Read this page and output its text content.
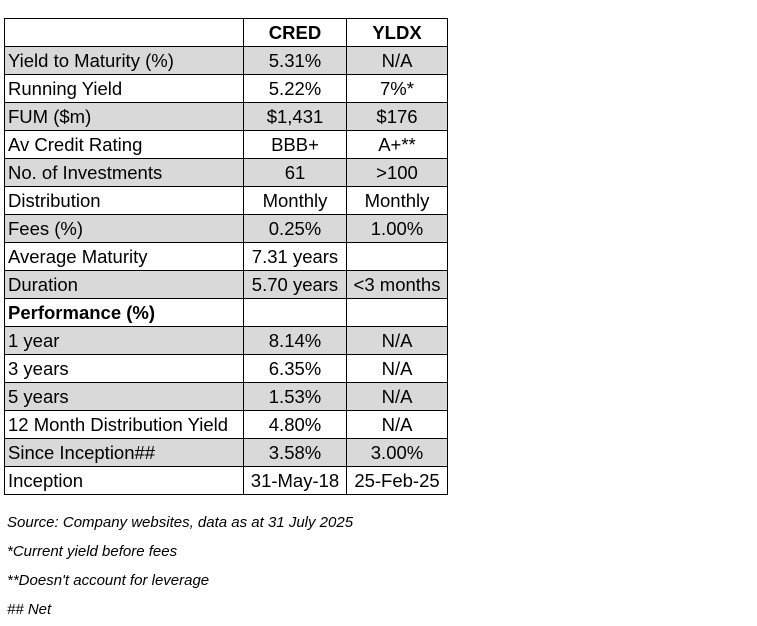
	CRED	YLDX
Yield to Maturity (%)	5.31%	N/A
Running Yield	5.22%	7%*
FUM ($m)	$1,431	$176
Av Credit Rating	BBB+	A+**
No. of Investments	61	>100
Distribution	Monthly	Monthly
Fees (%)	0.25%	1.00%
Average Maturity	7.31 years	
Duration	5.70 years	<3 months
Performance (%)		
1 year	8.14%	N/A
3 years	6.35%	N/A
5 years	1.53%	N/A
12 Month Distribution Yield	4.80%	N/A
Since Inception##	3.58%	3.00%
Inception	31-May-18	25-Feb-25
Source: Company websites, data as at 31 July 2025
*Current yield before fees
**Doesn't account for leverage
## Net
